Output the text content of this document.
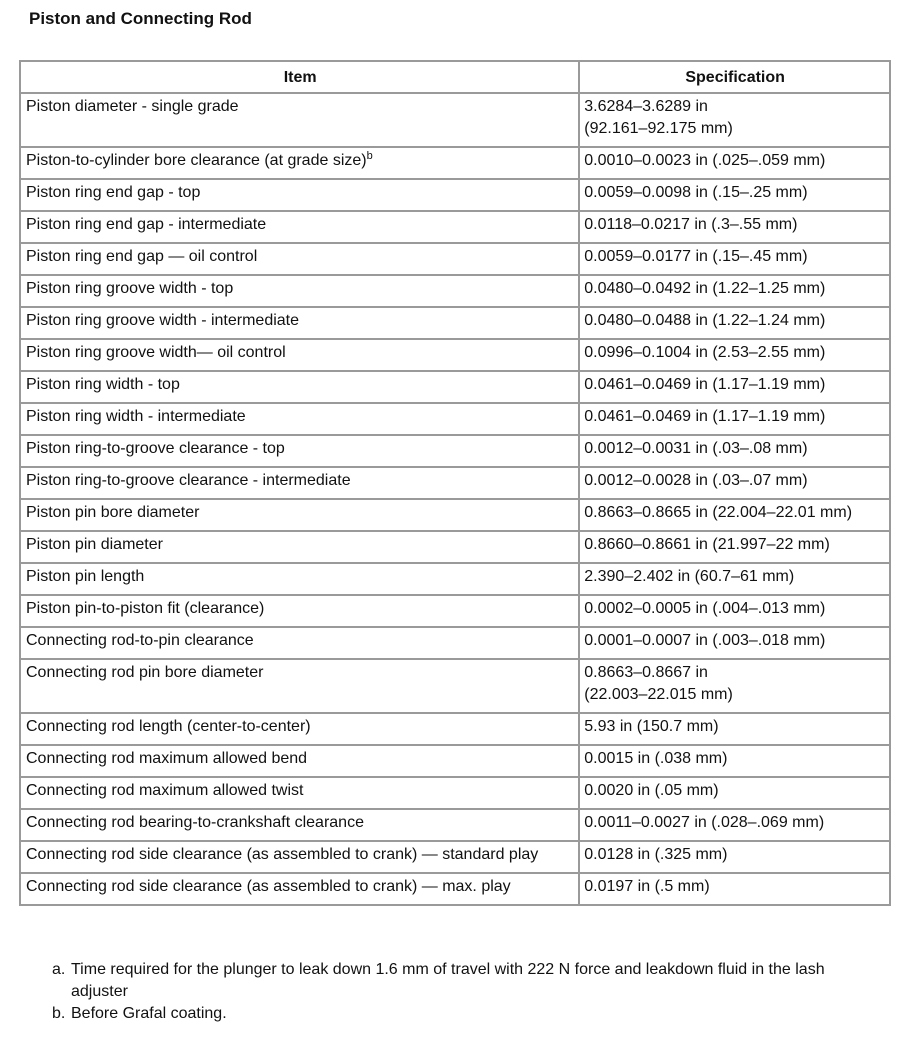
Piston and Connecting Rod
Item	Specification
Piston diameter - single grade	3.6284–3.6289 in
(92.161–92.175 mm)

Piston-to-cylinder bore clearance (at grade size)$^b$	0.0010–0.0023 in (.025–.059 mm)

Piston ring end gap - top	0.0059–0.0098 in (.15–.25 mm)

Piston ring end gap - intermediate	0.0118–0.0217 in (.3–.55 mm)

Piston ring end gap — oil control	0.0059–0.0177 in (.15–.45 mm)

Piston ring groove width - top	0.0480–0.0492 in (1.22–1.25 mm)

Piston ring groove width - intermediate	0.0480–0.0488 in (1.22–1.24 mm)

Piston ring groove width— oil control	0.0996–0.1004 in (2.53–2.55 mm)

Piston ring width - top	0.0461–0.0469 in (1.17–1.19 mm)

Piston ring width - intermediate	0.0461–0.0469 in (1.17–1.19 mm)

Piston ring-to-groove clearance - top	0.0012–0.0031 in (.03–.08 mm)

Piston ring-to-groove clearance - intermediate	0.0012–0.0028 in (.03–.07 mm)

Piston pin bore diameter	0.8663–0.8665 in (22.004–22.01 mm)

Piston pin diameter	0.8660–0.8661 in (21.997–22 mm)

Piston pin length	2.390–2.402 in (60.7–61 mm)

Piston pin-to-piston fit (clearance)	0.0002–0.0005 in (.004–.013 mm)

Connecting rod-to-pin clearance	0.0001–0.0007 in (.003–.018 mm)

Connecting rod pin bore diameter	0.8663–0.8667 in
(22.003–22.015 mm)

Connecting rod length (center-to-center)	5.93 in (150.7 mm)

Connecting rod maximum allowed bend	0.0015 in (.038 mm)

Connecting rod maximum allowed twist	0.0020 in (.05 mm)

Connecting rod bearing-to-crankshaft clearance	0.0011–0.0027 in (.028–.069 mm)

Connecting rod side clearance (as assembled to crank) — standard play	0.0128 in (.325 mm)

Connecting rod side clearance (as assembled to crank) — max. play	0.0197 in (.5 mm)
a. Time required for the plunger to leak down 1.6 mm of travel with 222 N force and leakdown fluid in the lash adjuster
b. Before Grafal coating.
